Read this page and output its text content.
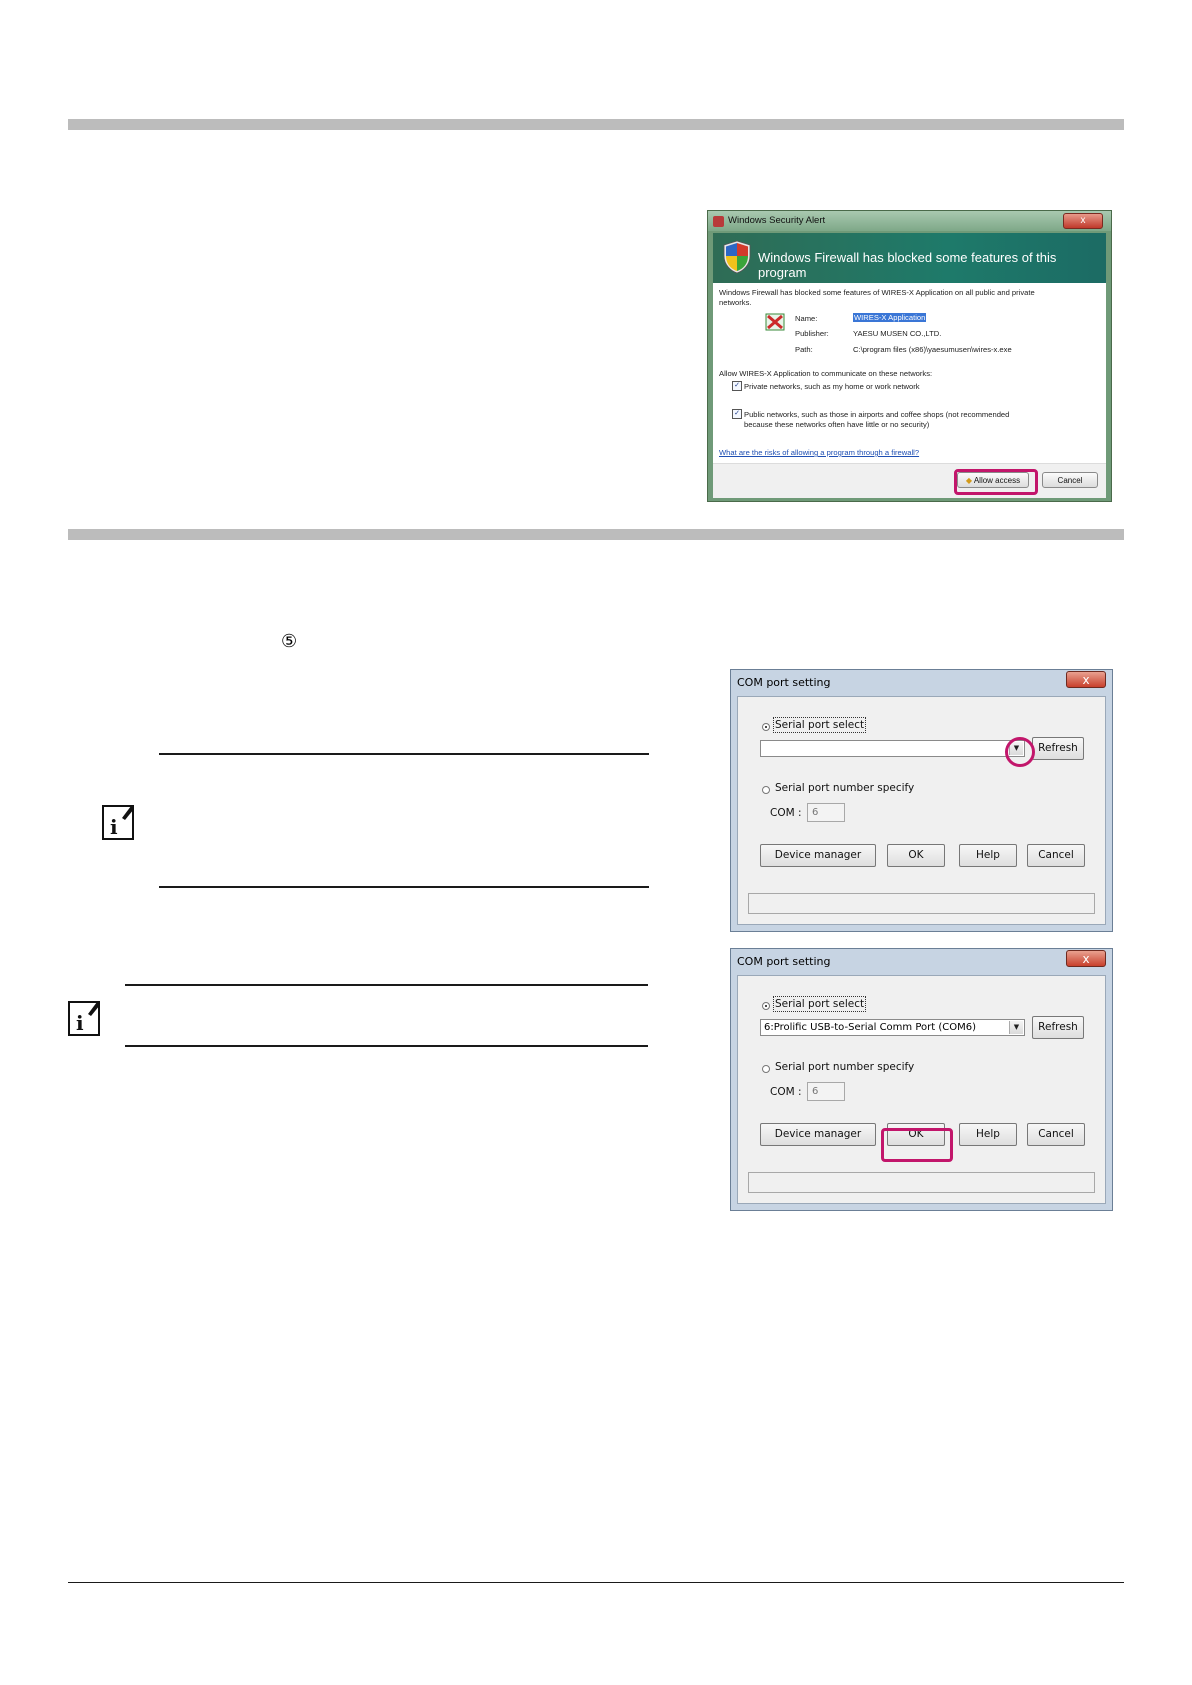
⑤
i
i
Windows Security Alert	x
Windows Firewall has blocked some features of this program
Windows Firewall has blocked some features of WIRES-X Application on all public and private networks.
Name:	WIRES-X Application
Publisher:	YAESU MUSEN CO.,LTD.
Path:	C:\program files (x86)\yaesumusen\wires-x.exe
Allow WIRES-X Application to communicate on these networks:
✓ Private networks, such as my home or work network
✓ Public networks, such as those in airports and coffee shops (not recommended
because these networks often have little or no security)
What are the risks of allowing a program through a firewall?
◆ Allow access	Cancel
COM port setting	x
Serial port select
▼	Refresh
Serial port number specify
COM :	6
Device manager	OK	Help	Cancel
COM port setting	x
Serial port select
6:Prolific USB-to-Serial Comm Port (COM6)	▼	Refresh
Serial port number specify
COM :	6
Device manager	OK	Help	Cancel
